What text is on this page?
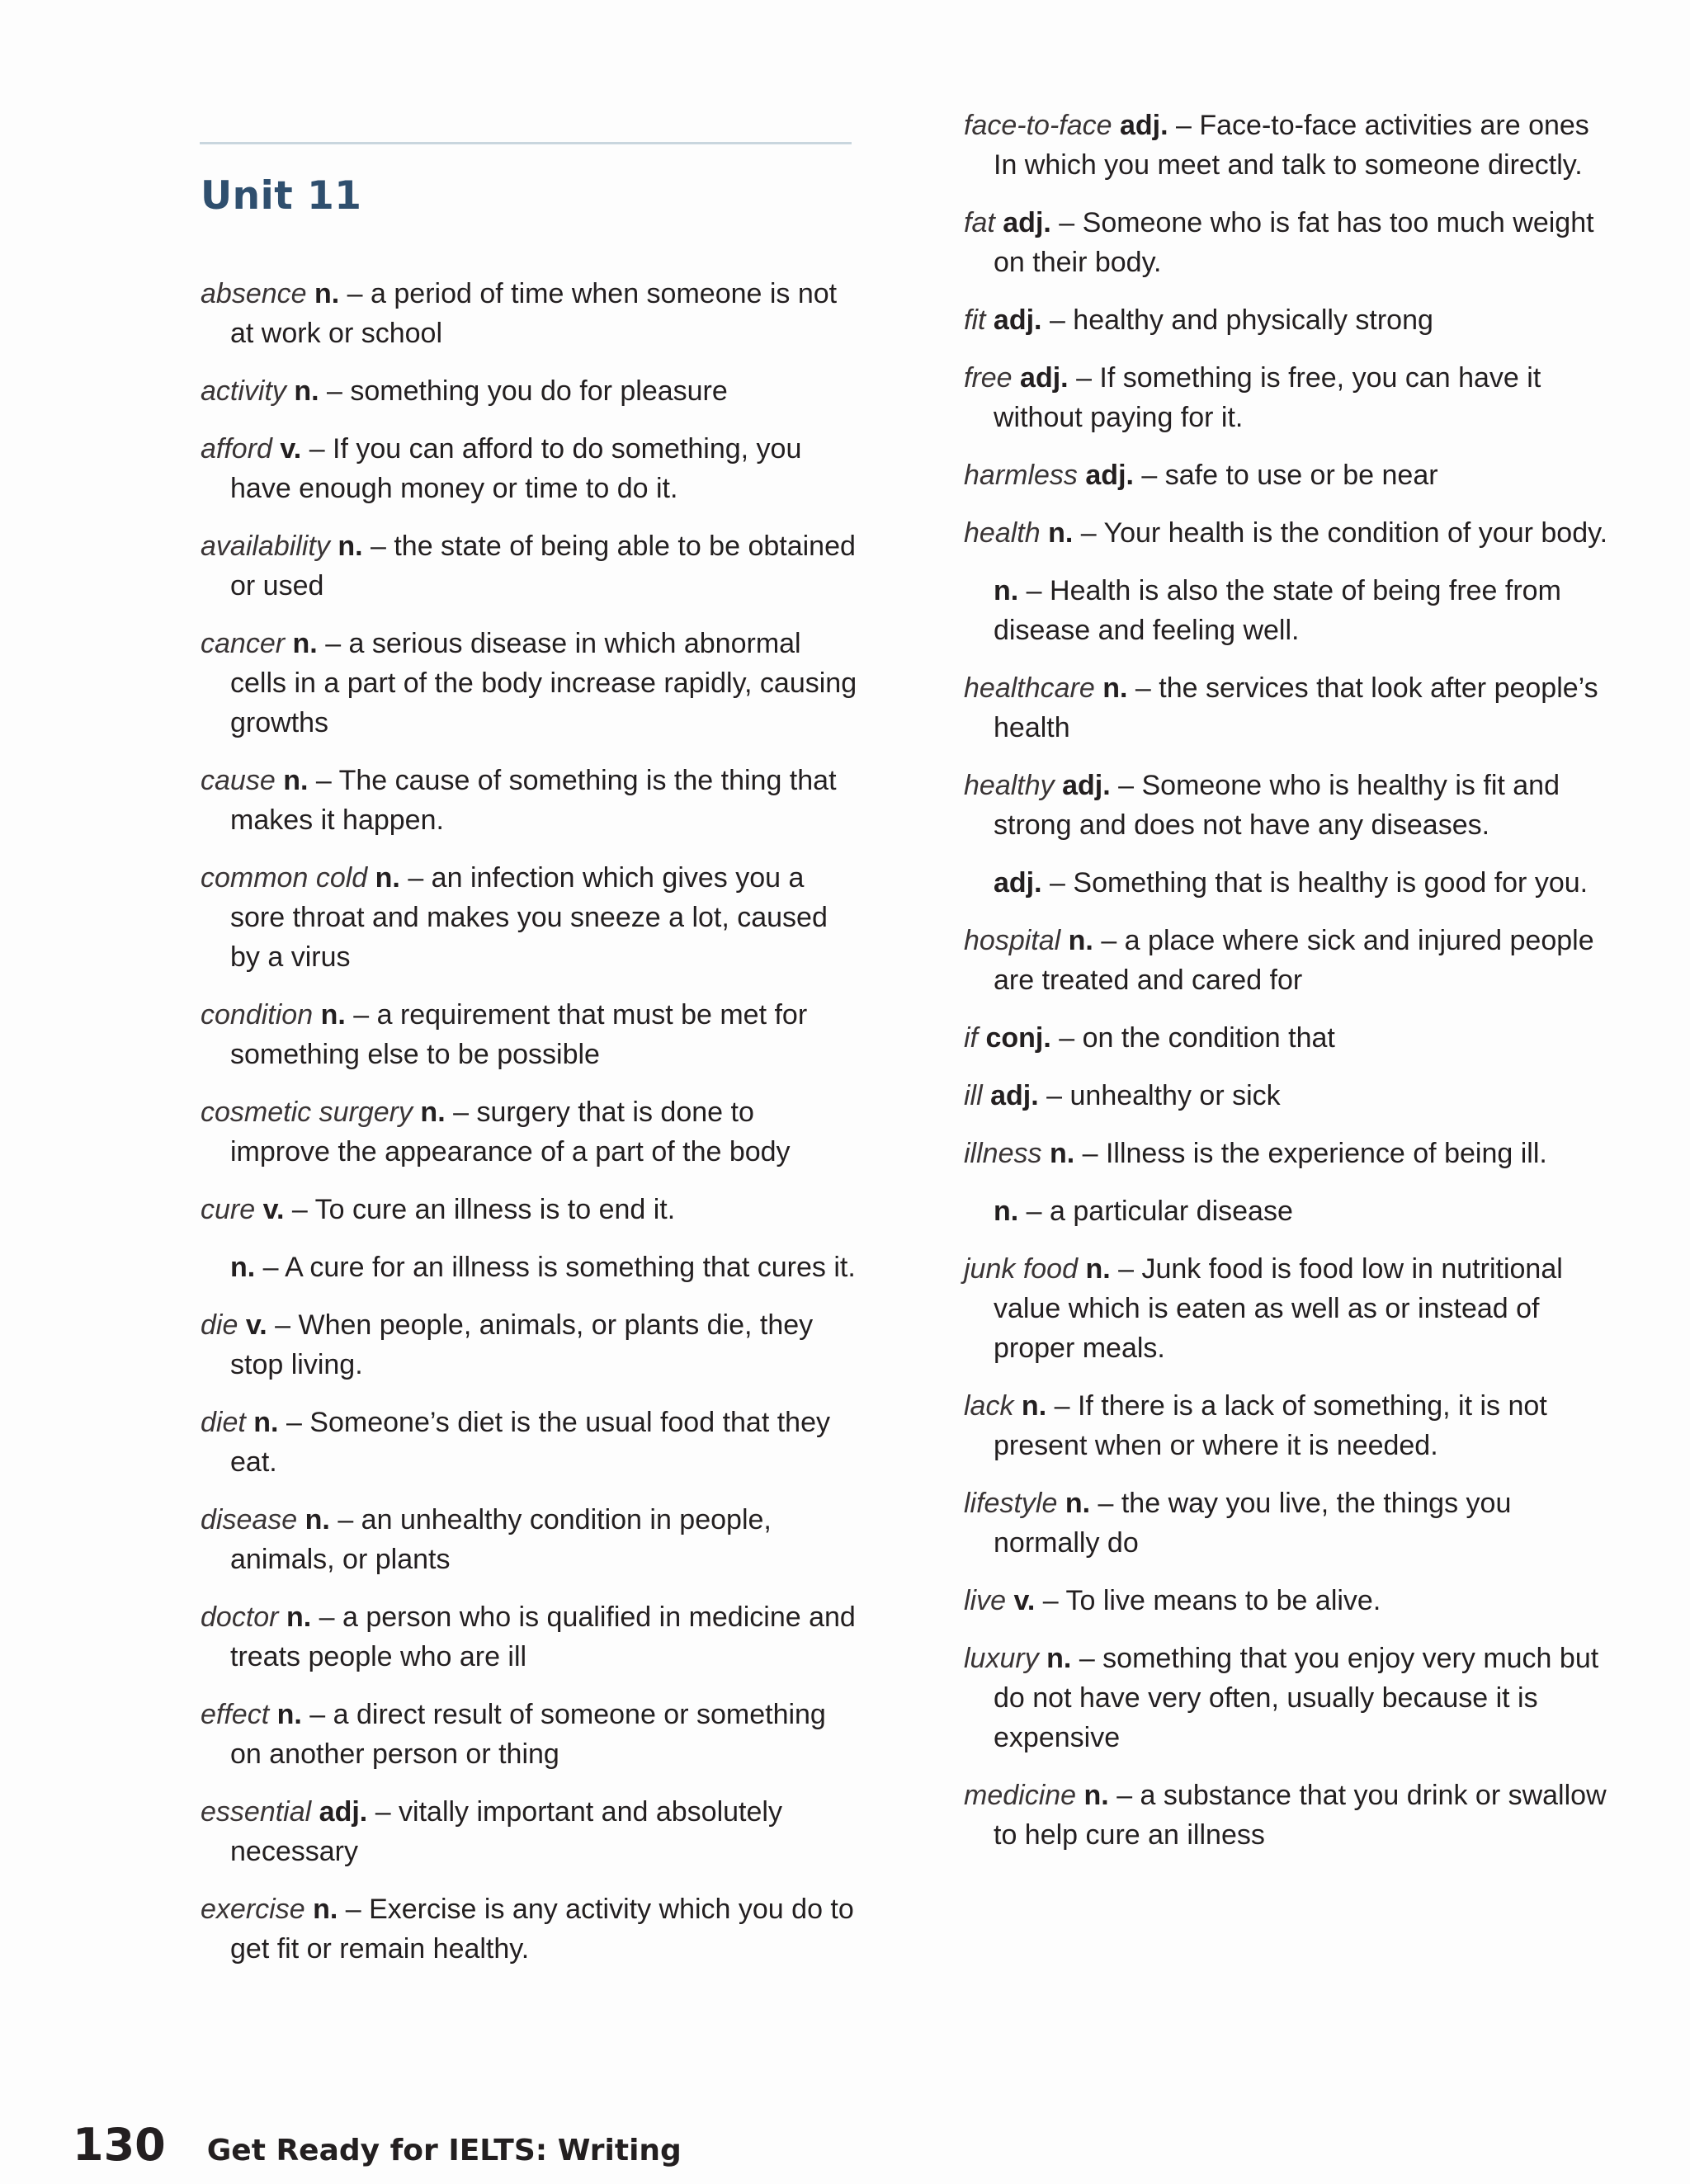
Unit 11
absence n. – a period of time when someone is not at work or school
activity n. – something you do for pleasure
afford v. – If you can afford to do something, you have enough money or time to do it.
availability n. – the state of being able to be obtained or used
cancer n. – a serious disease in which abnormal cells in a part of the body increase rapidly, causing growths
cause n. – The cause of something is the thing that makes it happen.
common cold n. – an infection which gives you a sore throat and makes you sneeze a lot, caused by a virus
condition n. – a requirement that must be met for something else to be possible
cosmetic surgery n. – surgery that is done to improve the appearance of a part of the body
cure v. – To cure an illness is to end it.
n. – A cure for an illness is something that cures it.
die v. – When people, animals, or plants die, they stop living.
diet n. – Someone’s diet is the usual food that they eat.
disease n. – an unhealthy condition in people, animals, or plants
doctor n. – a person who is qualified in medicine and treats people who are ill
effect n. – a direct result of someone or something on another person or thing
essential adj. – vitally important and absolutely necessary
exercise n. – Exercise is any activity which you do to get fit or remain healthy.
face-to-face adj. – Face-to-face activities are ones In which you meet and talk to someone directly.
fat adj. – Someone who is fat has too much weight on their body.
fit adj. – healthy and physically strong
free adj. – If something is free, you can have it without paying for it.
harmless adj. – safe to use or be near
health n. – Your health is the condition of your body.
n. – Health is also the state of being free from disease and feeling well.
healthcare n. – the services that look after people’s health
healthy adj. – Someone who is healthy is fit and strong and does not have any diseases.
adj. – Something that is healthy is good for you.
hospital n. – a place where sick and injured people are treated and cared for
if conj. – on the condition that
ill adj. – unhealthy or sick
illness n. – Illness is the experience of being ill.
n. – a particular disease
junk food n. – Junk food is food low in nutritional value which is eaten as well as or instead of proper meals.
lack n. – If there is a lack of something, it is not present when or where it is needed.
lifestyle n. – the way you live, the things you normally do
live v. – To live means to be alive.
luxury n. – something that you enjoy very much but do not have very often, usually because it is expensive
medicine n. – a substance that you drink or swallow to help cure an illness
130 Get Ready for IELTS: Writing
